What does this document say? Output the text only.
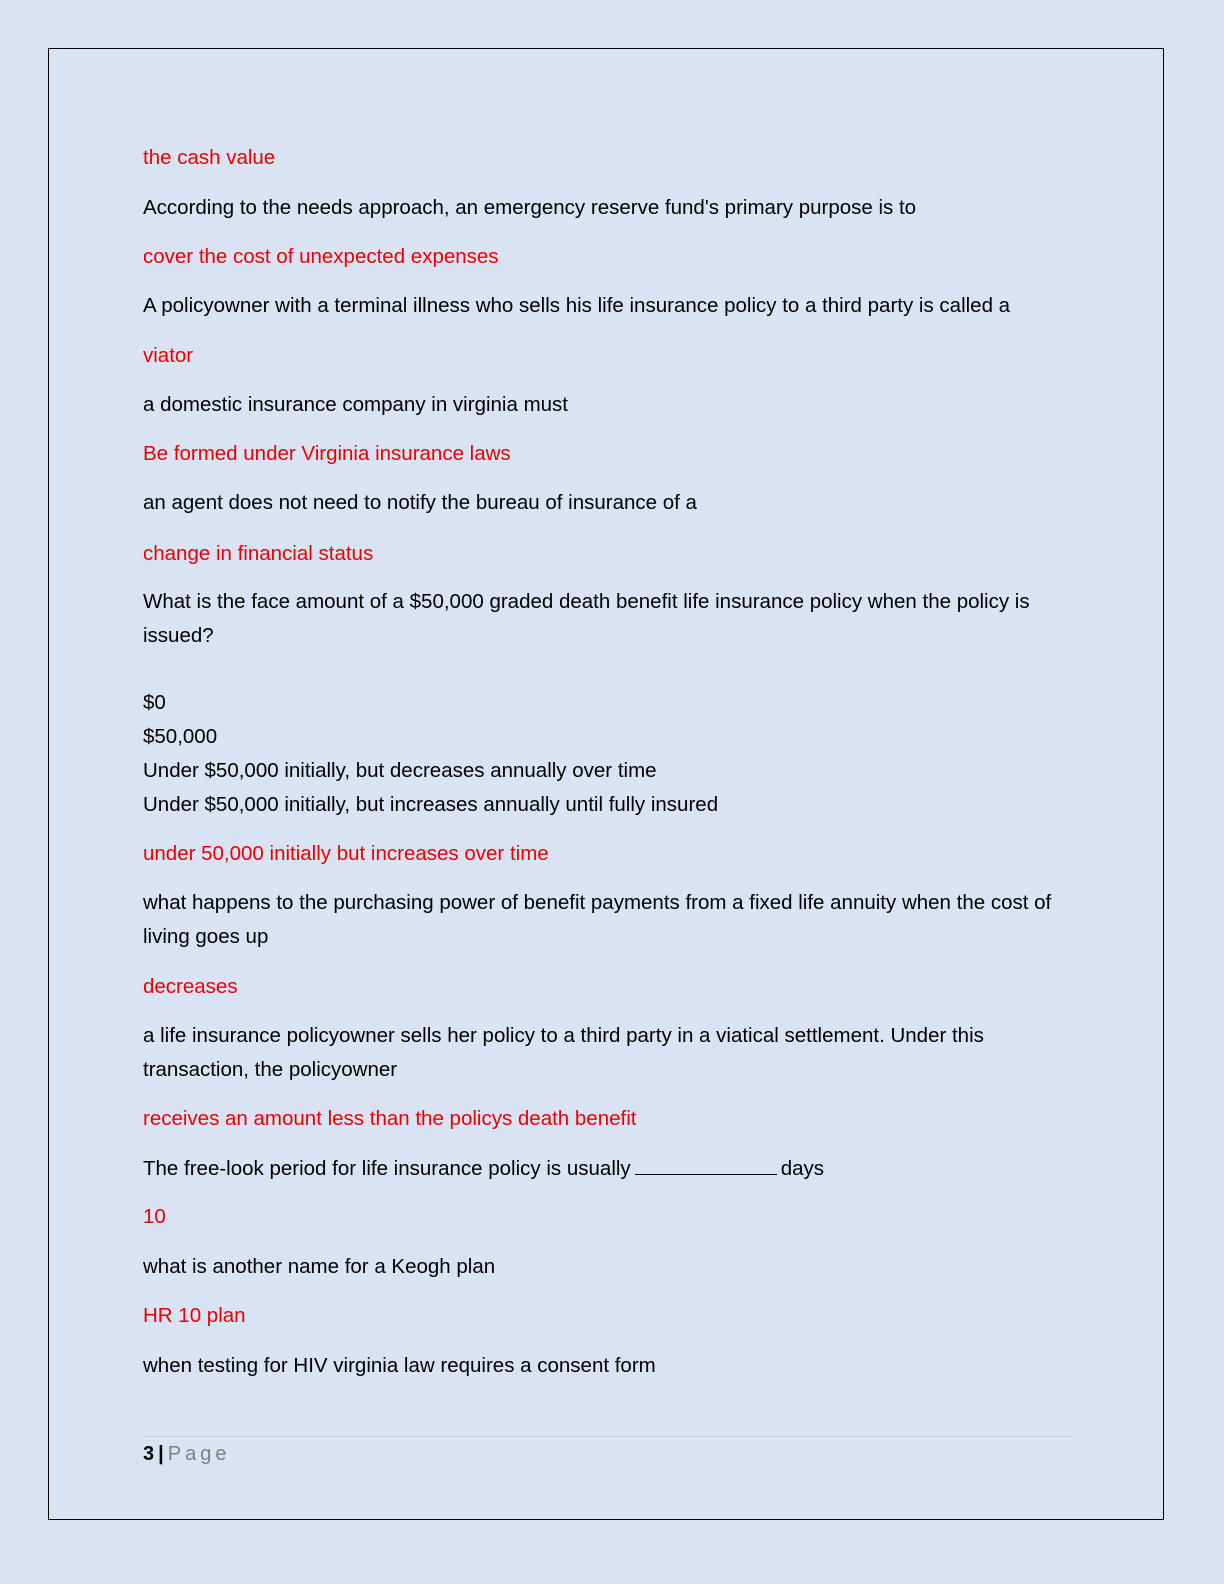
the cash value
According to the needs approach, an emergency reserve fund's primary purpose is to
cover the cost of unexpected expenses
A policyowner with a terminal illness who sells his life insurance policy to a third party is called a
viator
a domestic insurance company in virginia must
Be formed under Virginia insurance laws
an agent does not need to notify the bureau of insurance of a
change in financial status
What is the face amount of a $50,000 graded death benefit life insurance policy when the policy is issued?
$0
$50,000
Under $50,000 initially, but decreases annually over time
Under $50,000 initially, but increases annually until fully insured
under 50,000 initially but increases over time
what happens to the purchasing power of benefit payments from a fixed life annuity when the cost of living goes up
decreases
a life insurance policyowner sells her policy to a third party in a viatical settlement. Under this transaction, the policyowner
receives an amount less than the policys death benefit
The free-look period for life insurance policy is usually	days
10
what is another name for a Keogh plan
HR 10 plan
when testing for HIV virginia law requires a consent form
3 | Page
